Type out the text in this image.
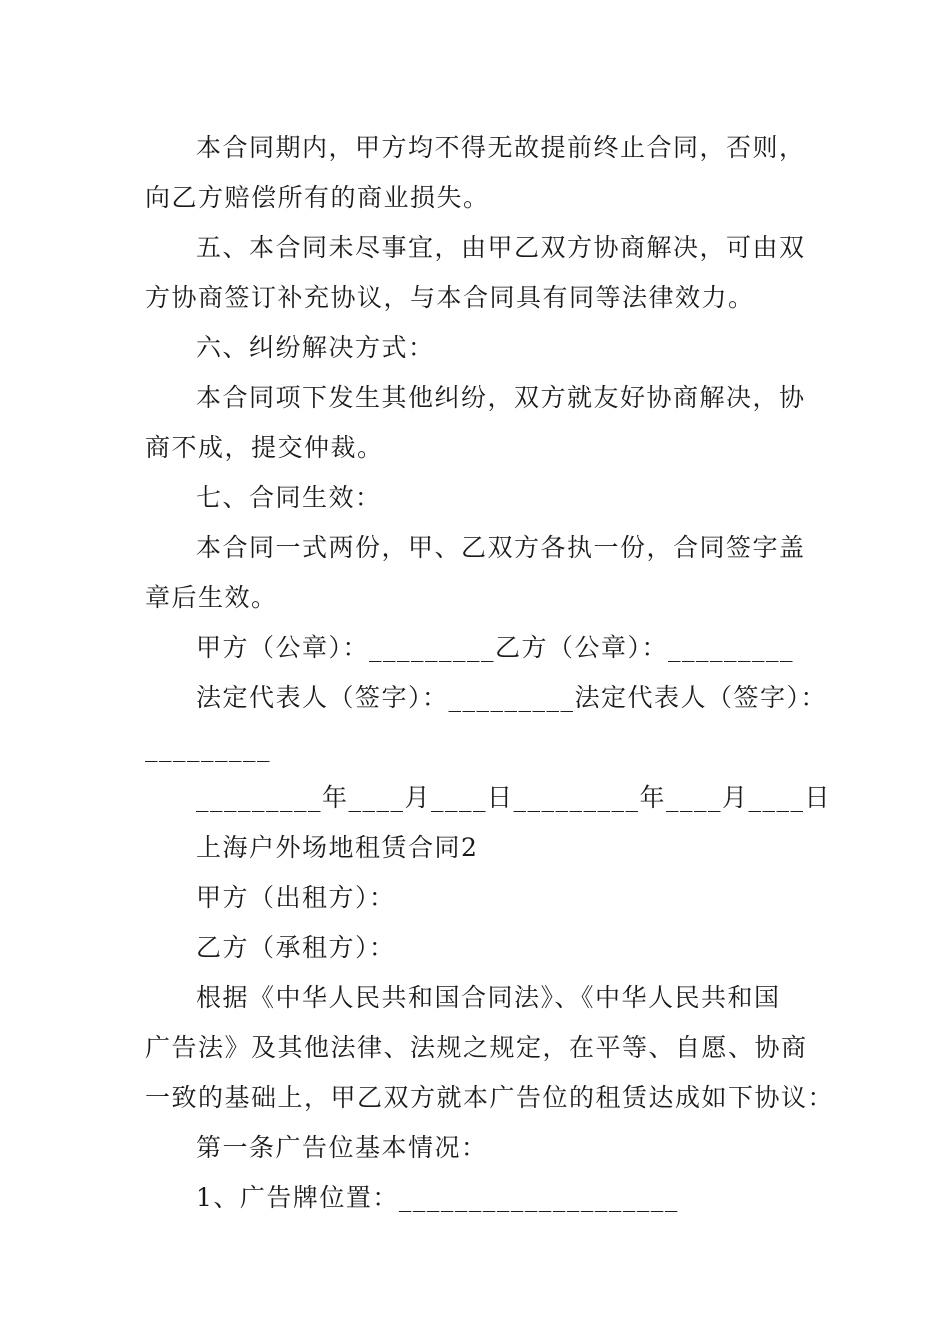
本合同期内，甲方均不得无故提前终止合同，否则，
向乙方赔偿所有的商业损失。
五、本合同未尽事宜，由甲乙双方协商解决，可由双
方协商签订补充协议，与本合同具有同等法律效力。
六、纠纷解决方式：
本合同项下发生其他纠纷，双方就友好协商解决，协
商不成，提交仲裁。
七、合同生效：
本合同一式两份，甲、乙双方各执一份，合同签字盖
章后生效。
甲方（公章）：_________乙方（公章）：_________
法定代表人（签字）：_________法定代表人（签字）：
_________
_________年____月____日_________年____月____日
上海户外场地租赁合同2
甲方（出租方）：
乙方（承租方）：
根据《中华人民共和国合同法》、《中华人民共和国
广告法》及其他法律、法规之规定，在平等、自愿、协商
一致的基础上，甲乙双方就本广告位的租赁达成如下协议：
第一条广告位基本情况：
1、广告牌位置：____________________
